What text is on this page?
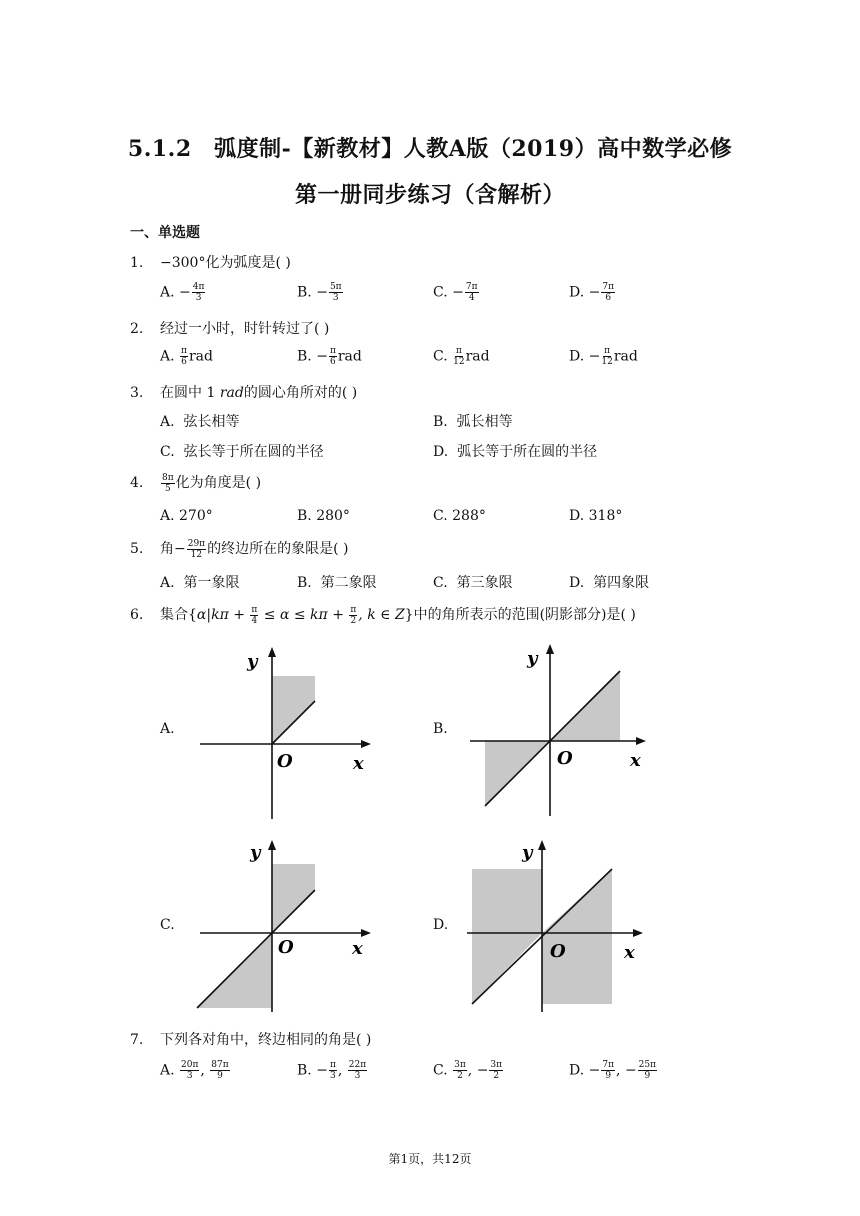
5.1.2　弧度制-【新教材】人教A版（2019）高中数学必修
第一册同步练习（含解析）
一、单选题
1. −300°化为弧度是( )
A. − $\frac{4\pi}{3}$	B. − $\frac{5\pi}{3}$	C. − $\frac{7\pi}{4}$	D. − $\frac{7\pi}{6}$
2. 经过一小时，时针转过了( )
A. $\frac{\pi}{6}$ rad	B. − $\frac{\pi}{6}$ rad	C. $\frac{\pi}{12}$ rad	D. − $\frac{\pi}{12}$ rad
3. 在圆中 1 rad的圆心角所对的( )
A. 弦长相等	B. 弧长相等
C. 弦长等于所在圆的半径	D. 弧长等于所在圆的半径
4. $\frac{8\pi}{5}$ 化为角度是( )
A. 270°	B. 280°	C. 288°	D. 318°
5. 角− $\frac{29\pi}{12}$ 的终边所在的象限是( )
A. 第一象限	B. 第二象限	C. 第三象限	D. 第四象限
6. 集合{$\alpha|k\pi + \frac{\pi}{4} \le \alpha \le k\pi + \frac{\pi}{2}$ , k ∈ Z}中的角所表示的范围(阴影部分)是( )
A.
y
x
O
B.
y
x
O
C.
y
x
O
D.
y
x
O
7. 下列各对角中，终边相同的角是( )
A. $\frac{20\pi}{3}$ , $\frac{87\pi}{9}$	B. − $\frac{\pi}{3}$ , $\frac{22\pi}{3}$	C. $\frac{3\pi}{2}$ , − $\frac{3\pi}{2}$	D. − $\frac{7\pi}{9}$ , − $\frac{25\pi}{9}$
第1页，共12页
